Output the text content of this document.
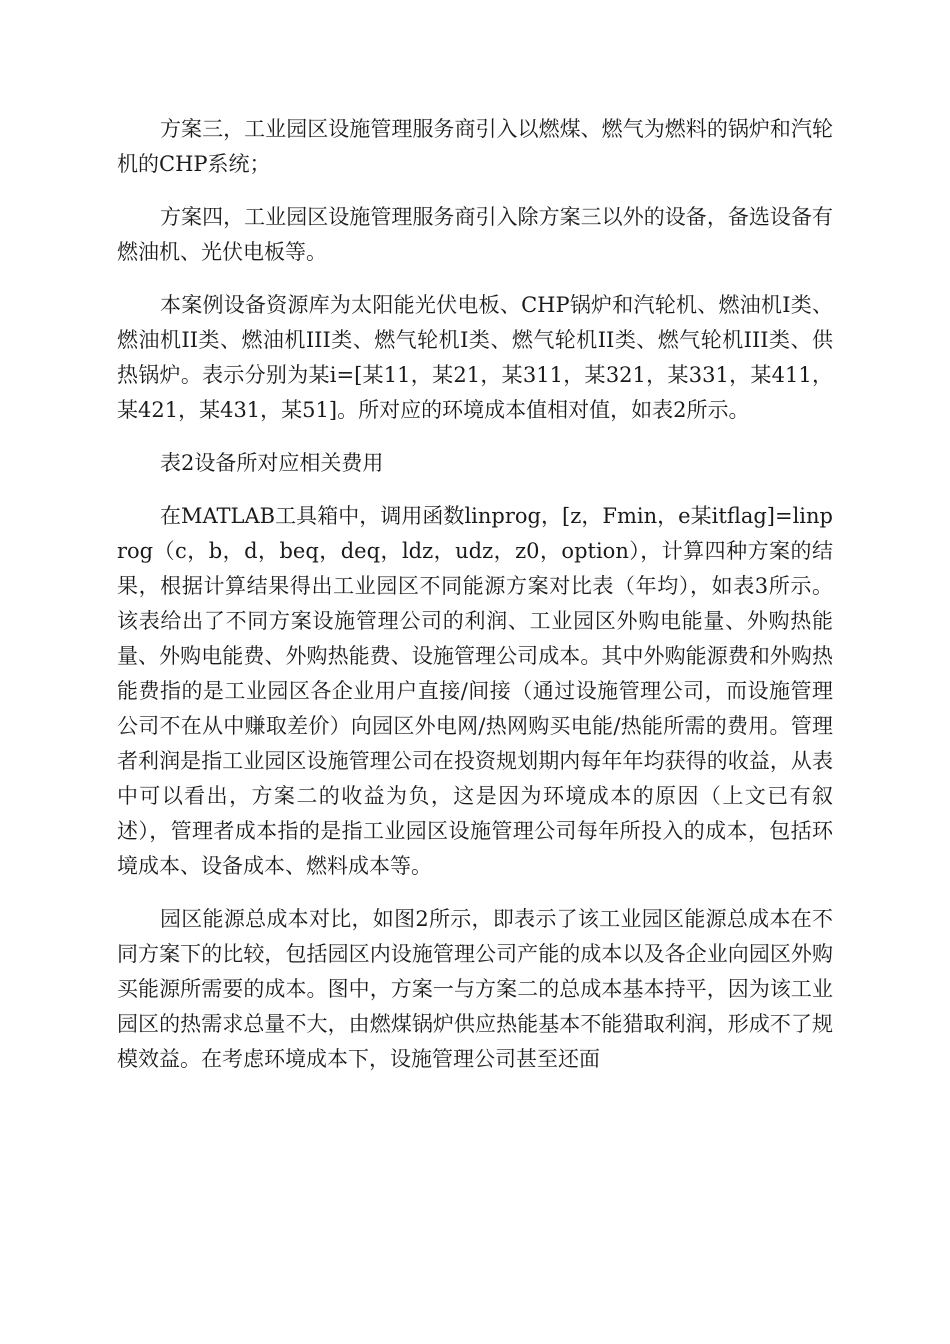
方案三，工业园区设施管理服务商引入以燃煤、燃气为燃料的锅炉和汽轮机的CHP系统；

方案四，工业园区设施管理服务商引入除方案三以外的设备，备选设备有燃油机、光伏电板等。

本案例设备资源库为太阳能光伏电板、CHP锅炉和汽轮机、燃油机I类、燃油机II类、燃油机III类、燃气轮机I类、燃气轮机II类、燃气轮机III类、供热锅炉。表示分别为某i=[某11，某21，某311，某321，某331，某411，某421，某431，某51]。所对应的环境成本值相对值，如表2所示。

表2设备所对应相关费用

在MATLAB工具箱中，调用函数linprog，[z，Fmin，e某itflag]=linprog（c，b，d，beq，deq，ldz，udz，z0，option），计算四种方案的结果，根据计算结果得出工业园区不同能源方案对比表（年均），如表3所示。该表给出了不同方案设施管理公司的利润、工业园区外购电能量、外购热能量、外购电能费、外购热能费、设施管理公司成本。其中外购能源费和外购热能费指的是工业园区各企业用户直接/间接（通过设施管理公司，而设施管理公司不在从中赚取差价）向园区外电网/热网购买电能/热能所需的费用。管理者利润是指工业园区设施管理公司在投资规划期内每年年均获得的收益，从表中可以看出，方案二的收益为负，这是因为环境成本的原因（上文已有叙述），管理者成本指的是指工业园区设施管理公司每年所投入的成本，包括环境成本、设备成本、燃料成本等。

园区能源总成本对比，如图2所示，即表示了该工业园区能源总成本在不同方案下的比较，包括园区内设施管理公司产能的成本以及各企业向园区外购买能源所需要的成本。图中，方案一与方案二的总成本基本持平，因为该工业园区的热需求总量不大，由燃煤锅炉供应热能基本不能猎取利润，形成不了规模效益。在考虑环境成本下，设施管理公司甚至还面
